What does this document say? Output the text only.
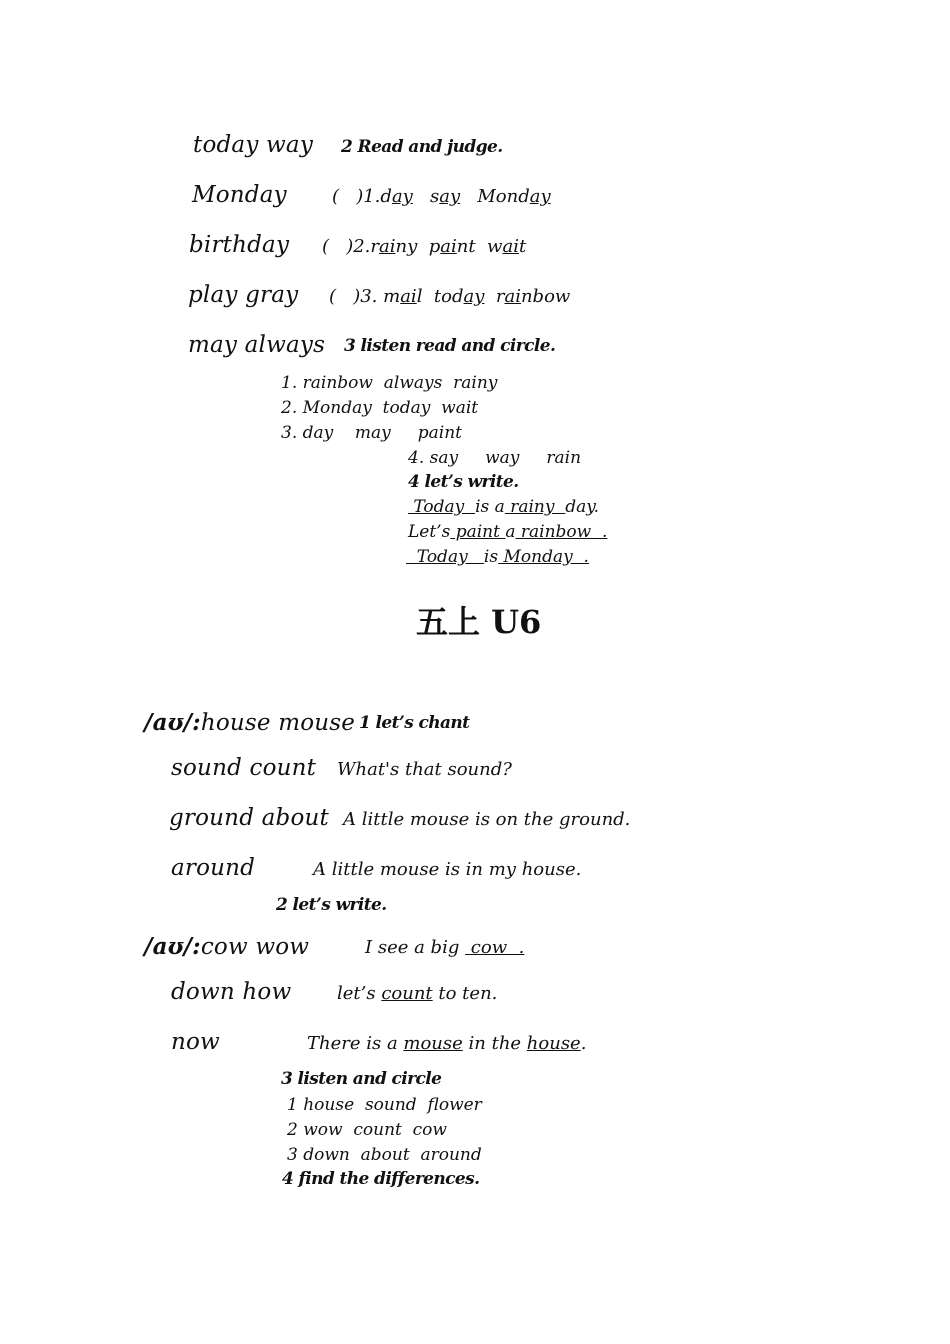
today way
Monday
birthday
play gray
may always
2 Read and judge.
(   )1.day say Monday
(   )2.rainy  paint  wait
(   )3. mail  today rainbow
3 listen read and circle.
1. rainbow  always  rainy
2. Monday  today  wait
3. day    may     paint
4. say     way     rain
4 let’s write.
Today  is a rainy  day.
Let’s paint a rainbow  .
Today   is Monday  .
五上 U6
/aʊ/:house mouse 1 let’s chant
sound count What's that sound?
ground about A little mouse is on the ground.
around	A little mouse is in my house.
2 let’s write.
/aʊ/:cow wow	I see a big  cow  .
down how	let’s count to ten.
now	There is a mouse in the house.
3 listen and circle
1 house  sound  flower
2 wow  count  cow
3 down  about  around
4 find the differences.
